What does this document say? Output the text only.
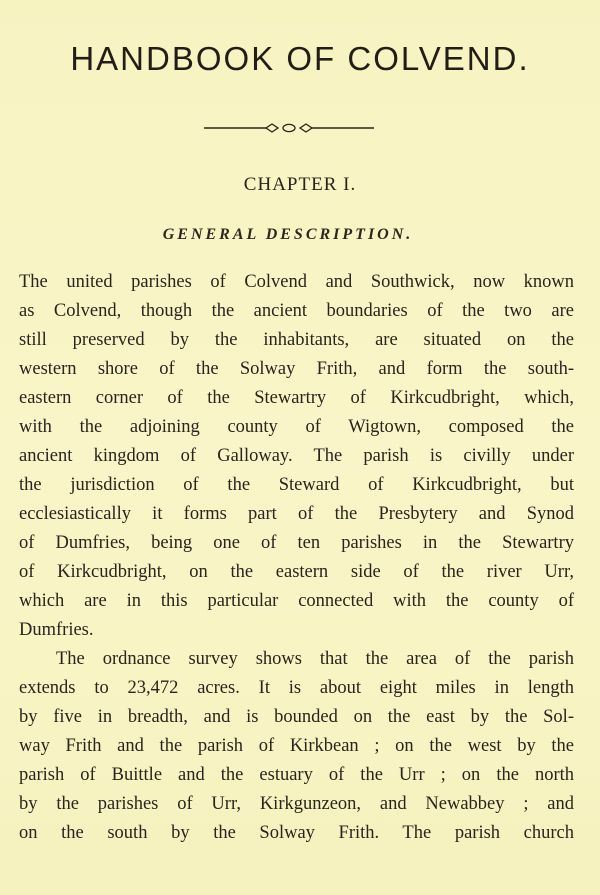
HANDBOOK OF COLVEND.
CHAPTER I.
GENERAL DESCRIPTION.
The united parishes of Colvend and Southwick, now known
as Colvend, though the ancient boundaries of the two are
still preserved by the inhabitants, are situated on the
western shore of the Solway Frith, and form the south-
eastern corner of the Stewartry of Kirkcudbright, which,
with the adjoining county of Wigtown, composed the
ancient kingdom of Galloway. The parish is civilly under
the jurisdiction of the Steward of Kirkcudbright, but
ecclesiastically it forms part of the Presbytery and Synod
of Dumfries, being one of ten parishes in the Stewartry
of Kirkcudbright, on the eastern side of the river Urr,
which are in this particular connected with the county of
Dumfries.
The ordnance survey shows that the area of the parish
extends to 23,472 acres. It is about eight miles in length
by five in breadth, and is bounded on the east by the Sol-
way Frith and the parish of Kirkbean ; on the west by the
parish of Buittle and the estuary of the Urr ; on the north
by the parishes of Urr, Kirkgunzeon, and Newabbey ; and
on the south by the Solway Frith. The parish church
